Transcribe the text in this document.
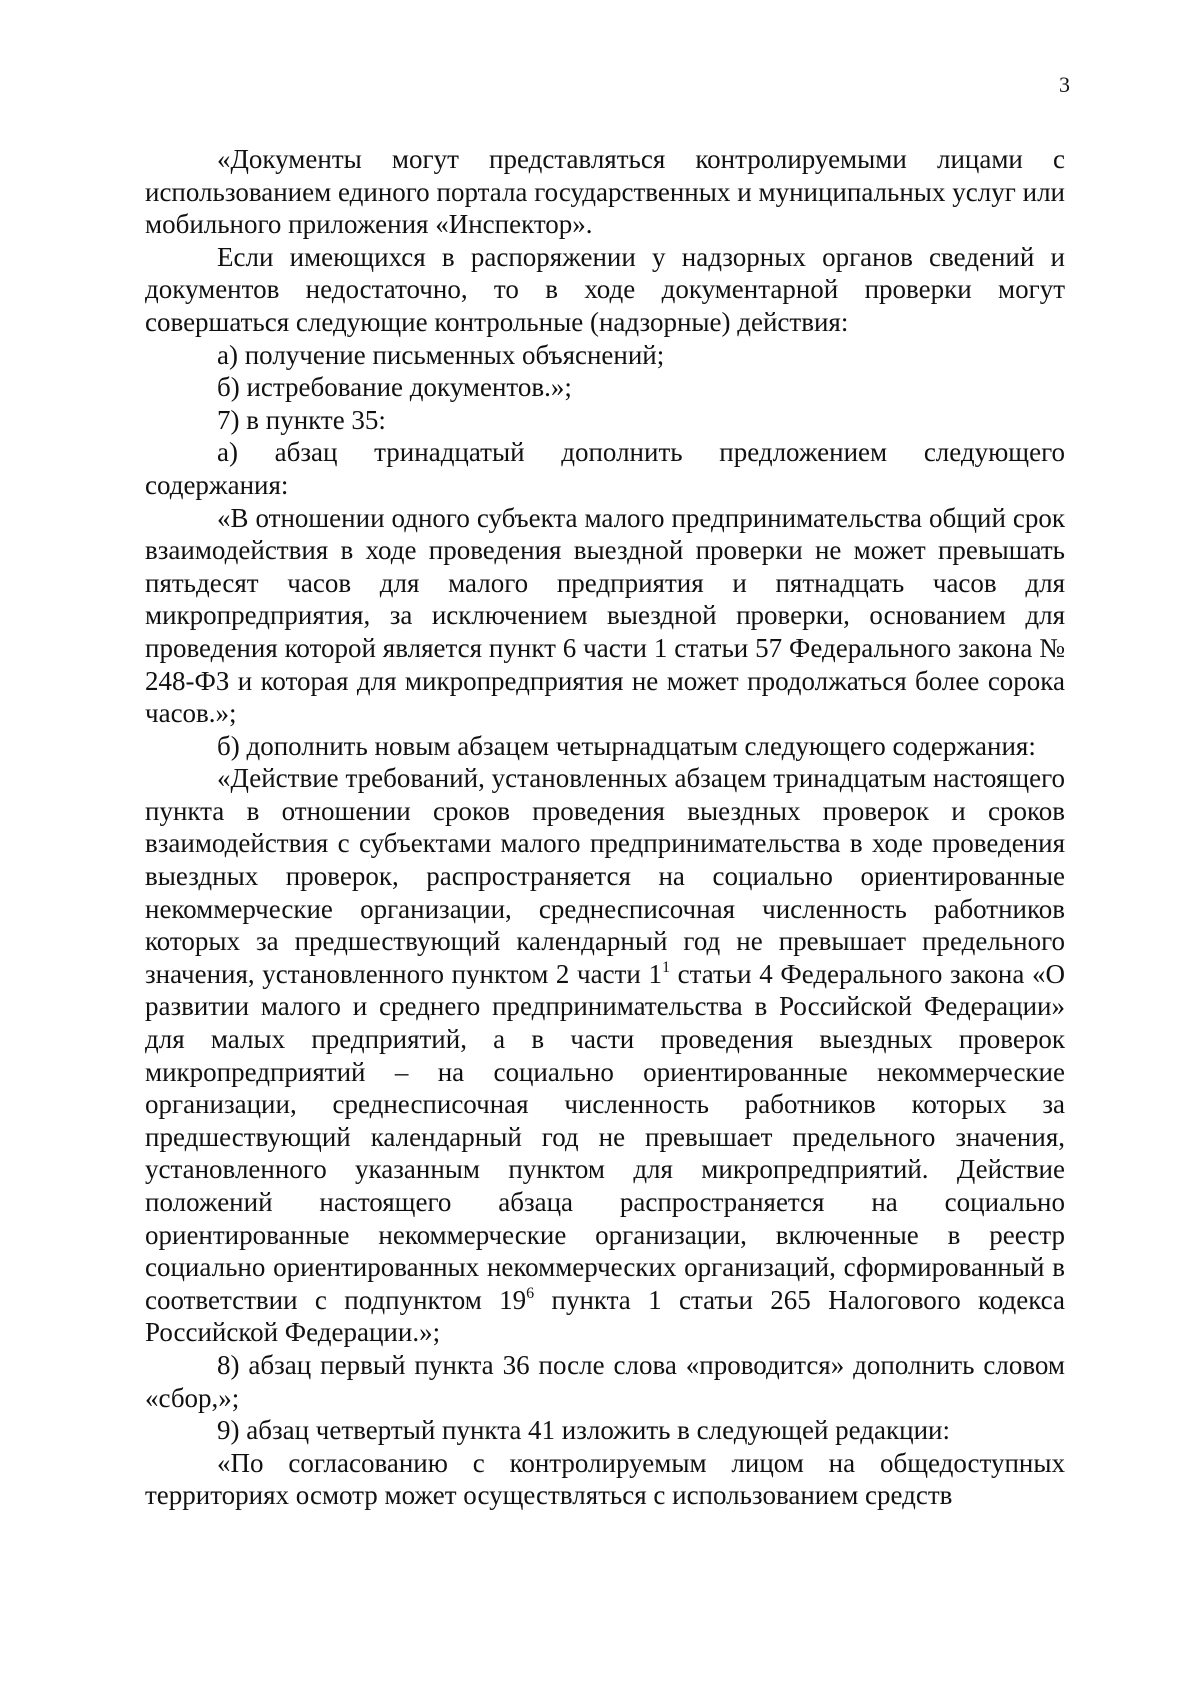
3

«Документы могут представляться контролируемыми лицами с использованием единого портала государственных и муниципальных услуг или мобильного приложения «Инспектор».

Если имеющихся в распоряжении у надзорных органов сведений и документов недостаточно, то в ходе документарной проверки могут совершаться следующие контрольные (надзорные) действия:

а) получение письменных объяснений;

б) истребование документов.»;

7) в пункте 35:

а) абзац тринадцатый дополнить предложением следующего содержания:

«В отношении одного субъекта малого предпринимательства общий срок взаимодействия в ходе проведения выездной проверки не может превышать пятьдесят часов для малого предприятия и пятнадцать часов для микропредприятия, за исключением выездной проверки, основанием для проведения которой является пункт 6 части 1 статьи 57 Федерального закона № 248-ФЗ и которая для микропредприятия не может продолжаться более сорока часов.»;

б) дополнить новым абзацем четырнадцатым следующего содержания:

«Действие требований, установленных абзацем тринадцатым настоящего пункта в отношении сроков проведения выездных проверок и сроков взаимодействия с субъектами малого предпринимательства в ходе проведения выездных проверок, распространяется на социально ориентированные некоммерческие организации, среднесписочная численность работников которых за предшествующий календарный год не превышает предельного значения, установленного пунктом 2 части $1^1$ статьи 4 Федерального закона «О развитии малого и среднего предпринимательства в Российской Федерации» для малых предприятий, а в части проведения выездных проверок микропредприятий – на социально ориентированные некоммерческие организации, среднесписочная численность работников которых за предшествующий календарный год не превышает предельного значения, установленного указанным пунктом для микропредприятий. Действие положений настоящего абзаца распространяется на социально ориентированные некоммерческие организации, включенные в реестр социально ориентированных некоммерческих организаций, сформированный в соответствии с подпунктом $19^6$ пункта 1 статьи 265 Налогового кодекса Российской Федерации.»;

8) абзац первый пункта 36 после слова «проводится» дополнить словом «сбор,»;

9) абзац четвертый пункта 41 изложить в следующей редакции:

«По согласованию с контролируемым лицом на общедоступных территориях осмотр может осуществляться с использованием средств
